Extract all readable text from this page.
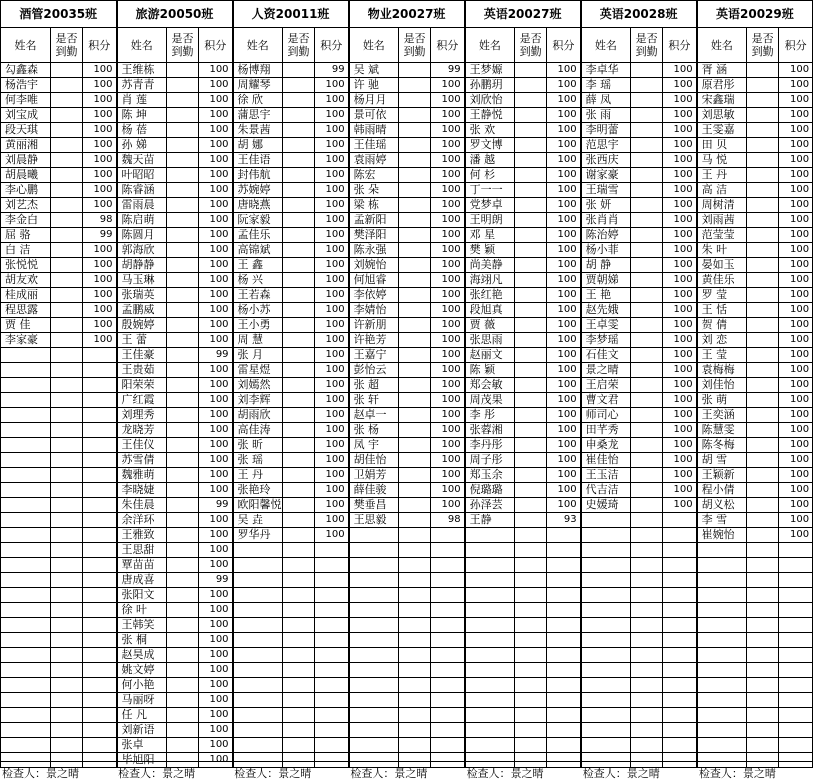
酒管20035班			旅游20050班			人资20011班			物业20027班			英语20027班			英语20028班			英语20029班		
姓名	是否到勤	积分	姓名	是否到勤	积分	姓名	是否到勤	积分	姓名	是否到勤	积分	姓名	是否到勤	积分	姓名	是否到勤	积分	姓名	是否到勤	积分
勾鑫森		100	王维栋		100	杨博翔		99	吴 斌		99	王梦嫄		100	李卓华		100	胥 涵		100
杨浩宇		100	苏青青		100	周耀琴		100	许 驰		100	孙鹏玥		100	李 瑶		100	原君彤		100
何李唯		100	肖 莲		100	徐 欣		100	杨月月		100	刘欣怡		100	薛 凤		100	宋鑫瑞		100
刘宝成		100	陈 坤		100	蒲思宇		100	景可依		100	王静悦		100	张 雨		100	刘思敏		100
段天琪		100	杨 蓓		100	朱景茜		100	韩雨晴		100	张 欢		100	李明蕾		100	王雯嘉		100
黄丽湘		100	孙 娣		100	胡 娜		100	王佳瑶		100	罗文博		100	范思宇		100	田 贝		100
刘晨静		100	魏天苗		100	王佳语		100	袁雨婷		100	潘 越		100	张西庆		100	马 悦		100
胡晨曦		100	叶昭昭		100	封伟航		100	陈宏		100	何 杉		100	谢家豪		100	王 丹		100
李心鹏		100	陈睿涵		100	苏婉婷		100	张 朵		100	丁一一		100	王瑞雪		100	高 洁		100
刘艺杰		100	雷雨晨		100	唐晓燕		100	梁 栋		100	党梦卓		100	张 妍		100	周树清		100
李金白		98	陈启萌		100	阮家毅		100	孟新阳		100	王明朗		100	张肖肖		100	刘雨茜		100
屈 骆		99	陈圆月		100	孟佳乐		100	樊泽阳		100	邓 星		100	陈治婷		100	范莹莹		100
白 洁		100	郭海欣		100	高锦斌		100	陈永强		100	樊 颖		100	杨小菲		100	朱 叶		100
张悦悦		100	胡静静		100	王 鑫		100	刘婉怡		100	尚美静		100	胡 静		100	晏如玉		100
胡友欢		100	马玉琳		100	杨 兴		100	何旭睿		100	海翊凡		100	贾朝娣		100	黄佳乐		100
桂成丽		100	张瑞英		100	王若森		100	李依婷		100	张红艳		100	王 艳		100	罗 莹		100
程思露		100	孟鹏威		100	杨小苏		100	李婧怡		100	段旭真		100	赵先娥		100	王 恬		100
贾 佳		100	殷婉婷		100	王小勇		100	许新朋		100	贾 薇		100	王卓雯		100	贺 倩		100
李家豪		100	王 蕾		100	周 慧		100	许艳芳		100	张思雨		100	李梦瑶		100	刘 恋		100
			王佳豪		99	张 月		100	王嘉宁		100	赵丽文		100	石佳文		100	王 莹		100
			王贵茹		100	雷星煜		100	彭怡云		100	陈 颖		100	景之晴		100	袁梅梅		100
			阳荣荣		100	刘嫣然		100	张 超		100	郑会敏		100	王启荣		100	刘佳怡		100
			广红霞		100	刘李辉		100	张 轩		100	周茂果		100	曹文君		100	张 萌		100
			刘理秀		100	胡雨欣		100	赵卓一		100	李 彤		100	师司心		100	王奕涵		100
			龙晓芳		100	高佳涛		100	张 杨		100	张蓉湘		100	田芊秀		100	陈慧雯		100
			王佳仪		100	张 昕		100	凤 宇		100	李丹彤		100	申桑龙		100	陈冬梅		100
			苏雪倩		100	张 瑶		100	胡佳怡		100	周子彤		100	崔佳怡		100	胡 雪		100
			魏雅萌		100	王 丹		100	卫娟芳		100	郑玉余		100	王玉洁		100	王颖新		100
			李晓婕		100	张艳玲		100	薛佳骏		100	倪璐璐		100	代吉洁		100	程小倩		100
			朱佳晨		99	欧阳馨悦		100	樊垂昌		100	孙泽芸		100	史媛琦		100	胡义松		100
			余洋环		100	吴 垚		100	王思毅		98	王静		93				李 雪		100
			王雅致		100	罗华丹		100										崔婉怡		100
			王思甜		100															
			覃苗苗		100															
			唐成喜		99															
			张阳文		100															
			徐 叶		100															
			王韩笑		100															
			张 桐		100															
			赵昊成		100															
			姚文婷		100															
			何小艳		100															
			马丽呀		100															
			任 凡		100															
			刘新语		100															
			张卓		100															
			毕旭阳		100															
检查人：景之晴	检查人：景之晴	检查人：景之晴	检查人：景之晴	检查人：景之晴	检查人：景之晴	检查人：景之晴
